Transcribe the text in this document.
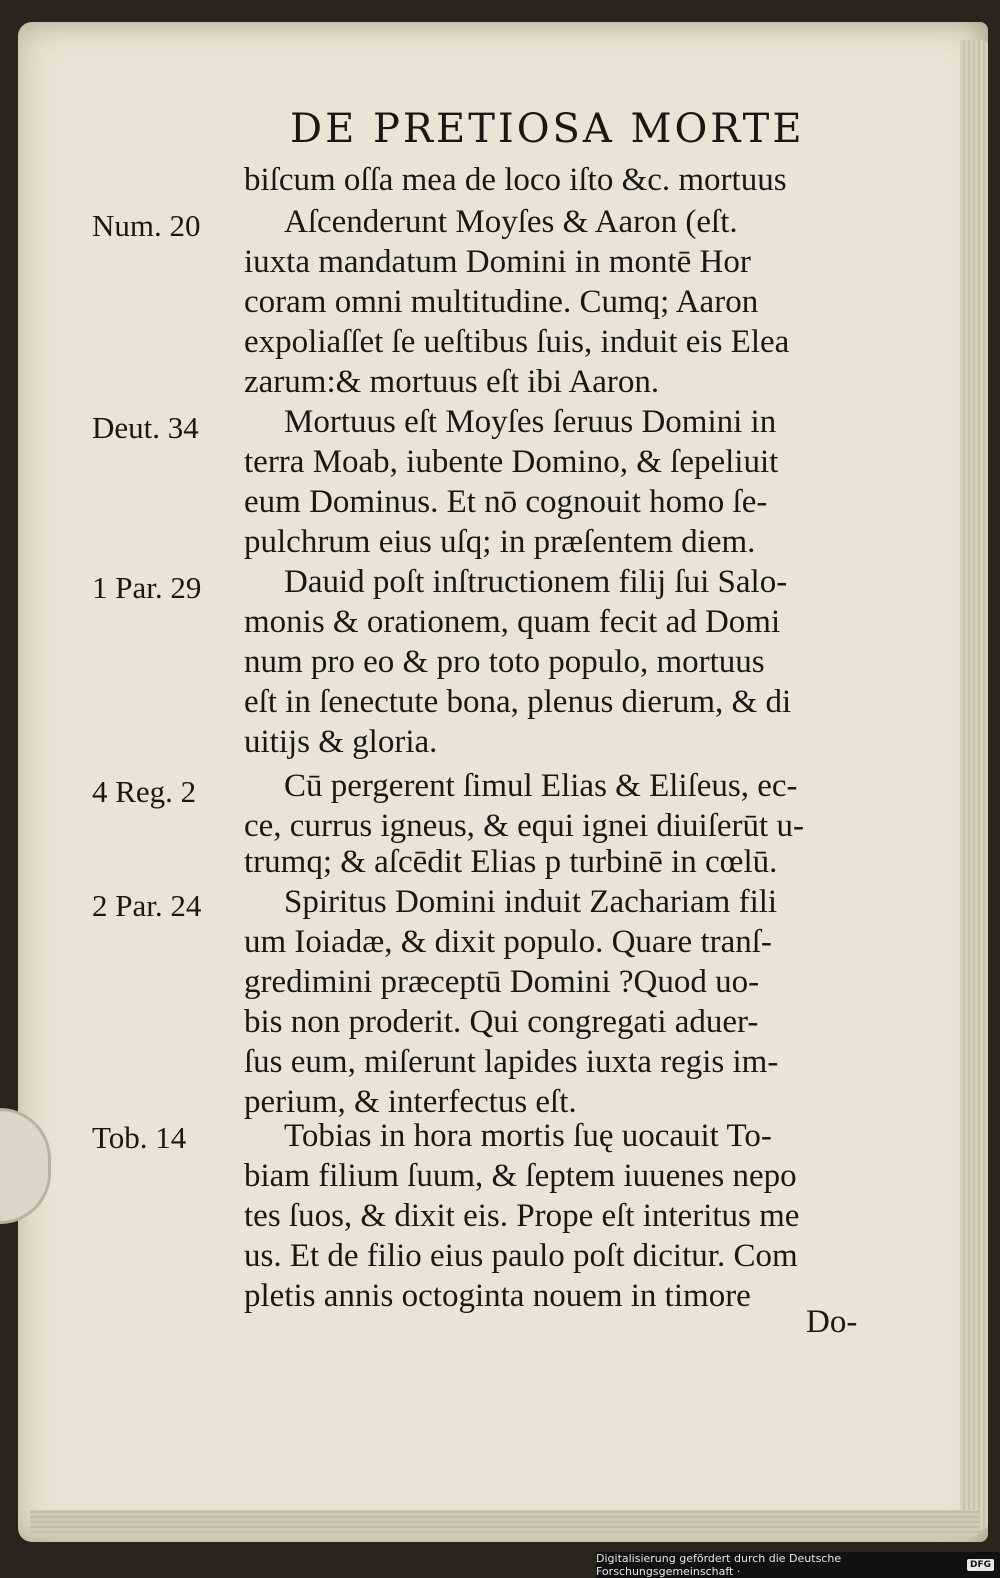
DE PRETIOSA MORTE
Num. 20
Deut. 34
1 Par. 29
4 Reg. 2
2 Par. 24
Tob. 14
biſcum oſſa mea de loco iſto &c. mortuus
Aſcenderunt Moyſes & Aaron (eſt.
iuxta mandatum Domini in montē Hor
coram omni multitudine. Cumq; Aaron
expoliaſſet ſe ueſtibus ſuis, induit eis Elea
zarum:& mortuus eſt ibi Aaron.
Mortuus eſt Moyſes ſeruus Domini in
terra Moab, iubente Domino, & ſepeliuit
eum Dominus. Et nō cognouit homo ſe-
pulchrum eius uſq; in præſentem diem.
Dauid poſt inſtructionem filij ſui Salo-
monis & orationem, quam fecit ad Domi
num pro eo & pro toto populo, mortuus
eſt in ſenectute bona, plenus dierum, & di
uitijs & gloria.
Cū pergerent ſimul Elias & Eliſeus, ec-
ce, currus igneus, & equi ignei diuiſerūt u-
trumq; & aſcēdit Elias p turbinē in cœlū.
Spiritus Domini induit Zachariam fili
um Ioiadæ, & dixit populo. Quare tranſ-
gredimini præceptū Domini ?Quod uo-
bis non proderit. Qui congregati aduer-
ſus eum, miſerunt lapides iuxta regis im-
perium, & interfectus eſt.
Tobias in hora mortis ſuę uocauit To-
biam filium ſuum, & ſeptem iuuenes nepo
tes ſuos, & dixit eis. Prope eſt interitus me
us. Et de filio eius paulo poſt dicitur. Com
pletis annis octoginta nouem in timore
Do-
Digitalisierung gefördert durch die Deutsche Forschungsgemeinschaft ·	DFG
